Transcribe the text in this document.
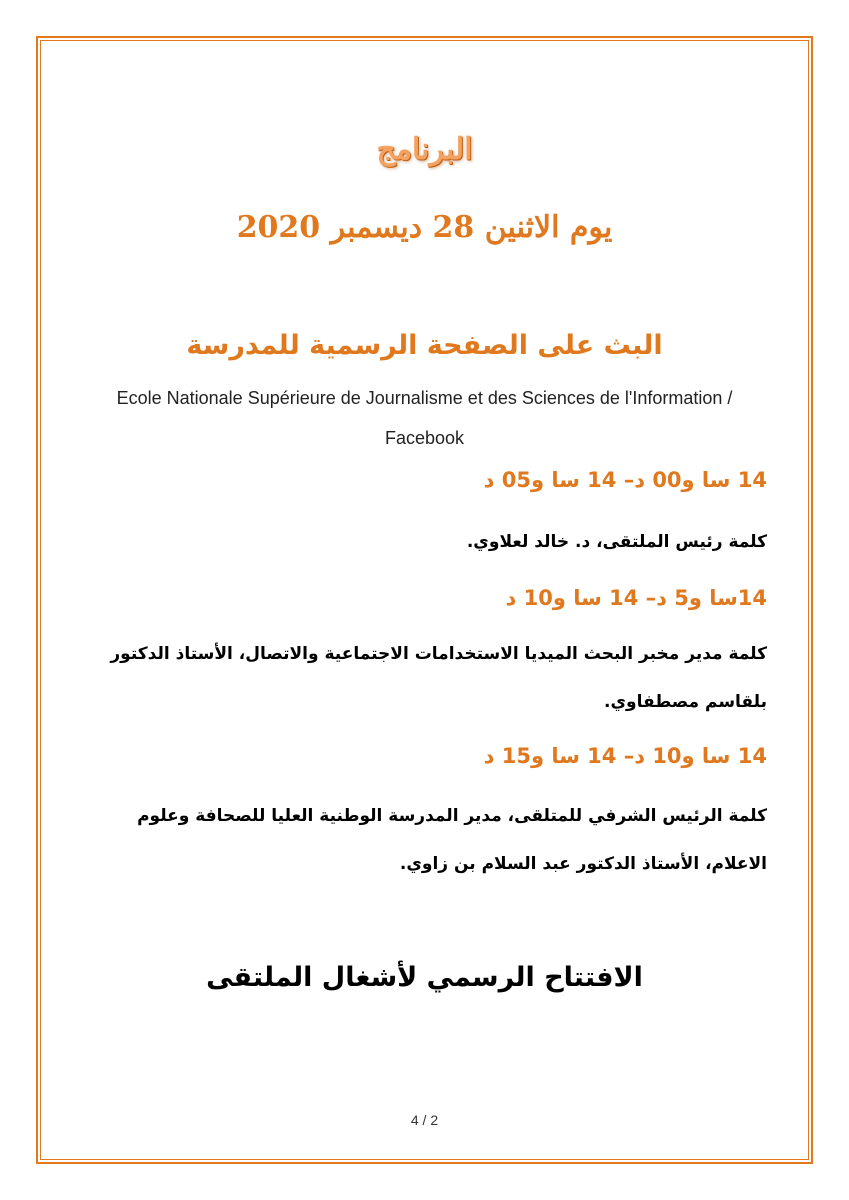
البرنامج
يوم الاثنين 28 ديسمبر 2020
البث على الصفحة الرسمية للمدرسة
Ecole Nationale Supérieure de Journalisme et des Sciences de l'Information /
Facebook
14 سا و00 د– 14 سا و05 د
كلمة رئيس الملتقى، د. خالد لعلاوي.
14سا و5 د– 14 سا و10 د
كلمة مدير مخبر البحث الميديا الاستخدامات الاجتماعية والاتصال، الأستاذ الدكتور بلقاسم مصطفاوي.
14 سا و10 د– 14 سا و15 د
كلمة الرئيس الشرفي للمتلقى، مدير المدرسة الوطنية العليا للصحافة وعلوم الاعلام، الأستاذ الدكتور عبد السلام بن زاوي.
الافتتاح الرسمي لأشغال الملتقى
4 / 2
